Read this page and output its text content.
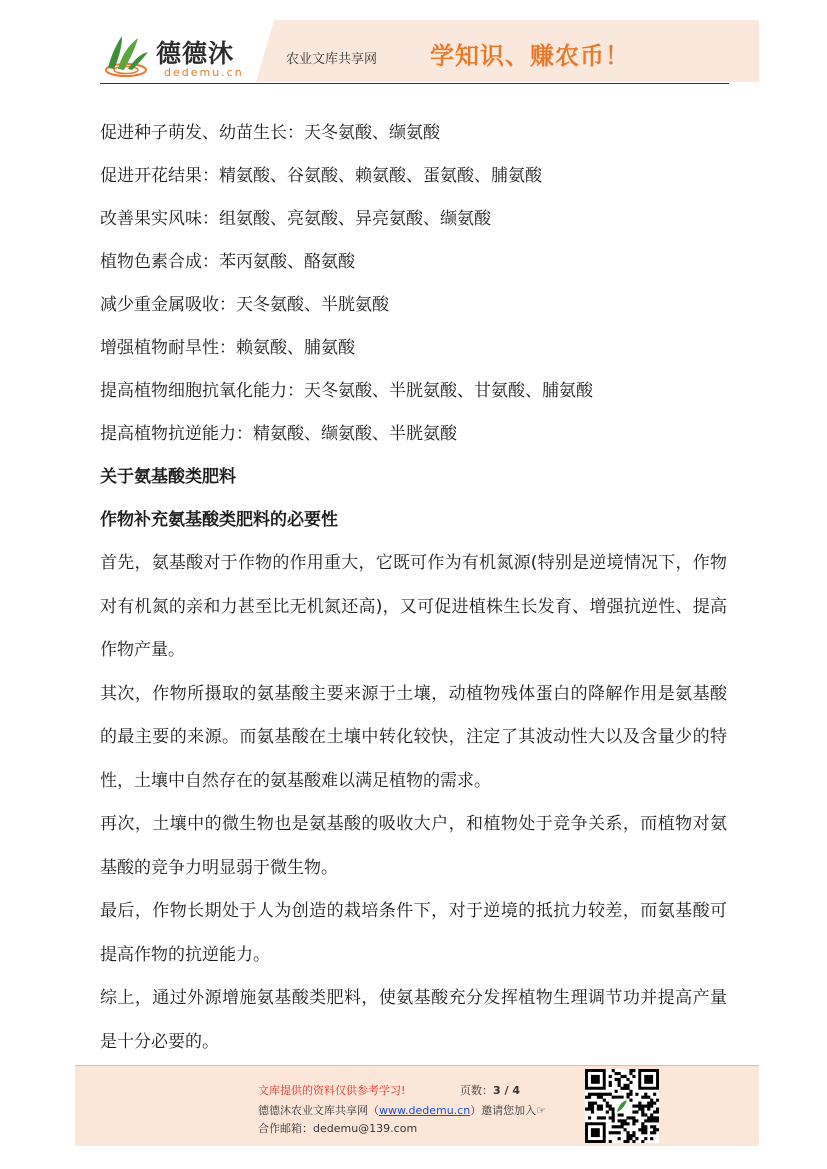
德德沐
dedemu.cn
农业文库共享网 学知识、赚农币！
促进种子萌发、幼苗生长：天冬氨酸、缬氨酸
促进开花结果：精氨酸、谷氨酸、赖氨酸、蛋氨酸、脯氨酸
改善果实风味：组氨酸、亮氨酸、异亮氨酸、缬氨酸
植物色素合成：苯丙氨酸、酪氨酸
减少重金属吸收：天冬氨酸、半胱氨酸
增强植物耐旱性：赖氨酸、脯氨酸
提高植物细胞抗氧化能力：天冬氨酸、半胱氨酸、甘氨酸、脯氨酸
提高植物抗逆能力：精氨酸、缬氨酸、半胱氨酸
关于氨基酸类肥料
作物补充氨基酸类肥料的必要性

首先，氨基酸对于作物的作用重大，它既可作为有机氮源(特别是逆境情况下，作物对有机氮的亲和力甚至比无机氮还高)，又可促进植株生长发育、增强抗逆性、提高作物产量。

其次，作物所摄取的氨基酸主要来源于土壤，动植物残体蛋白的降解作用是氨基酸的最主要的来源。而氨基酸在土壤中转化较快，注定了其波动性大以及含量少的特性，土壤中自然存在的氨基酸难以满足植物的需求。

再次，土壤中的微生物也是氨基酸的吸收大户，和植物处于竞争关系，而植物对氨基酸的竞争力明显弱于微生物。

最后，作物长期处于人为创造的栽培条件下，对于逆境的抵抗力较差，而氨基酸可提高作物的抗逆能力。

综上，通过外源增施氨基酸类肥料，使氨基酸充分发挥植物生理调节功并提高产量是十分必要的。

文库提供的资料仅供参考学习!	页数：3 / 4
德德沐农业文库共享网（www.dedemu.cn）邀请您加入☞
合作邮箱：dedemu@139.com
